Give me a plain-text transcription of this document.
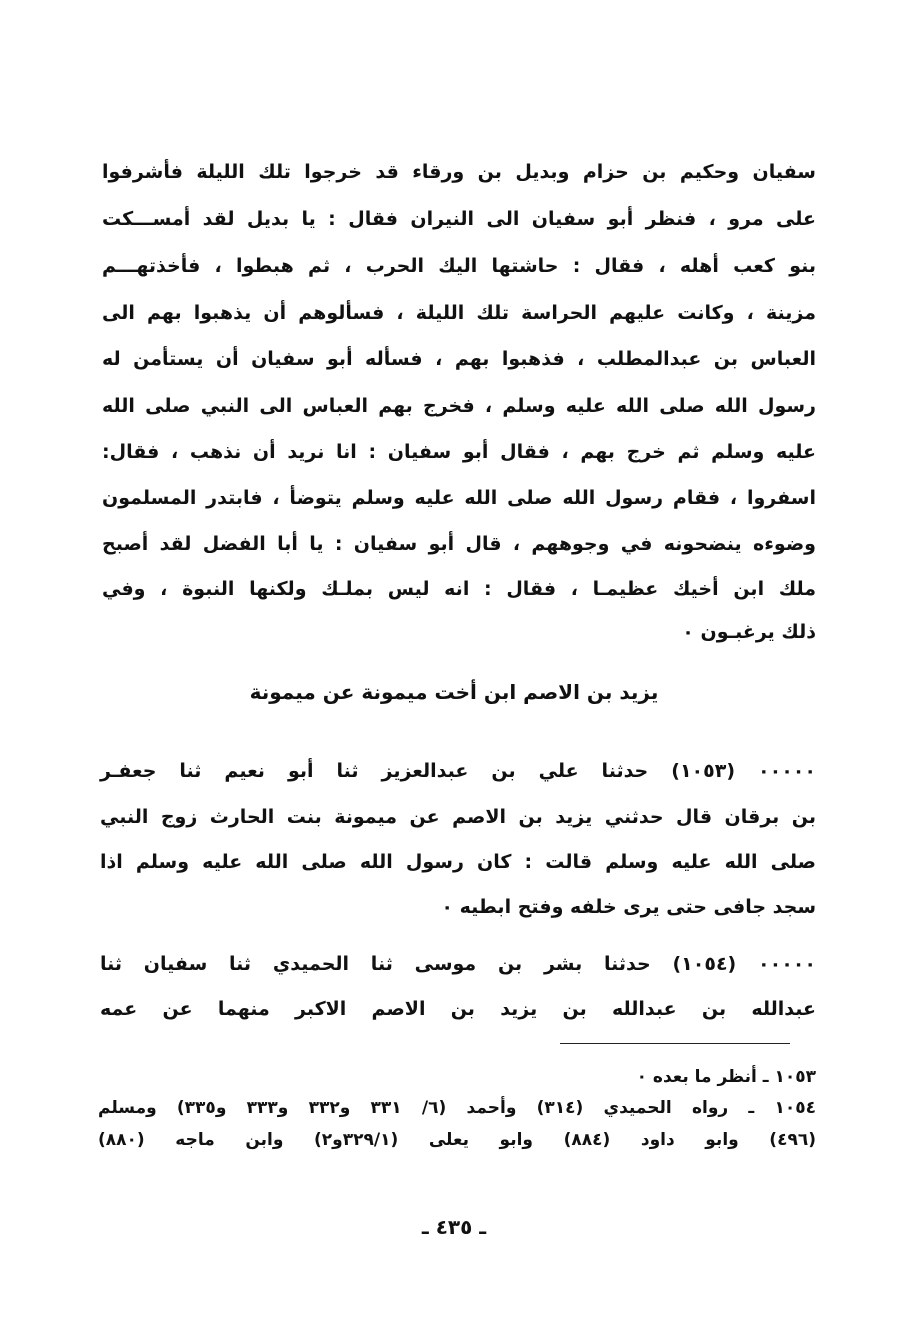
سفيان وحكيم بن حزام وبديل بن ورقاء قد خرجوا تلك الليلة فأشرفوا
على مرو ، فنظر أبو سفيان الى النيران فقال : يا بديل لقد أمســـكت
بنو كعب أهله ، فقال : حاشتها اليك الحرب ، ثم هبطوا ، فأخذتهـــم
مزينة ، وكانت عليهم الحراسة تلك الليلة ، فسألوهم أن يذهبوا بهم الى
العباس بن عبدالمطلب ، فذهبوا بهم ، فسأله أبو سفيان أن يستأمن له
رسول الله صلى الله عليه وسلم ، فخرج بهم العباس الى النبي صلى الله
عليه وسلم ثم خرج بهم ، فقال أبو سفيان : انا نريد أن نذهب ، فقال:
اسفروا ، فقام رسول الله صلى الله عليه وسلم يتوضأ ، فابتدر المسلمون
وضوءه ينضحونه في وجوههم ، قال أبو سفيان : يا أبا الفضل لقد أصبح
ملك ابن أخيك عظيمـا ، فقال : انه ليس بملـك ولكنها النبوة ، وفي
ذلك يرغبـون ٠
يزيد بن الاصم ابن أخت ميمونة عن ميمونة
٠٠٠٠٠ (١٠٥٣) حدثنا علي بن عبدالعزيز ثنا أبو نعيم ثنا جعفـر
بن برقان قال حدثني يزيد بن الاصم عن ميمونة بنت الحارث زوج النبي
صلى الله عليه وسلم قالت : كان رسول الله صلى الله عليه وسلم اذا
سجد جافى حتى يرى خلفه وفتح ابطيه ٠
٠٠٠٠٠ (١٠٥٤) حدثنا بشر بن موسى ثنا الحميدي ثنا سفيان ثنا
عبدالله بن عبدالله بن يزيد بن الاصم الاكبر منهما عن عمه
١٠٥٣ ـ أنظر ما بعده ٠
١٠٥٤ ـ رواه الحميدي (٣١٤) وأحمد (٦/ ٣٣١ و٣٣٢ و٣٣٣ و٣٣٥) ومسلم
(٤٩٦) وابو داود (٨٨٤) وابو يعلى (٣٢٩/١و٢) وابن ماجه (٨٨٠)
ـ ٤٣٥ ـ
